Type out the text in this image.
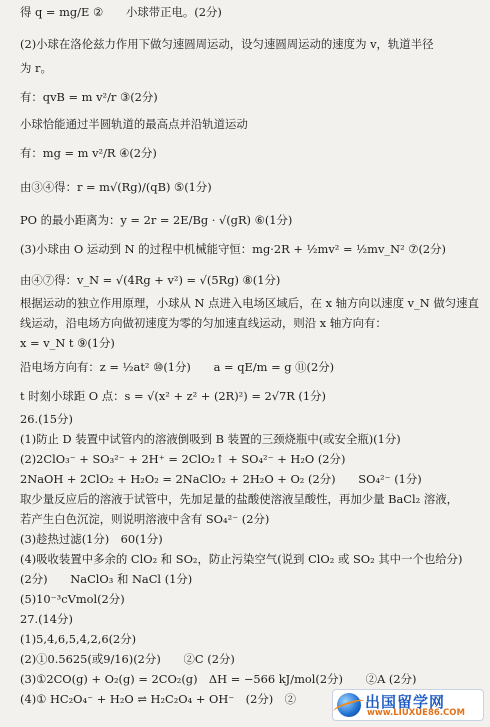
得 q = mg/E ②　　小球带正电。(2分)
(2)小球在洛伦兹力作用下做匀速圆周运动，设匀速圆周运动的速度为 v，轨道半径
为 r。
有：qvB = m v²/r ③(2分)
小球恰能通过半圆轨道的最高点并沿轨道运动
有：mg = m v²/R ④(2分)
由③④得：r = m√(Rg)/(qB) ⑤(1分)
PO 的最小距离为：y = 2r = 2E/Bg · √(gR) ⑥(1分)
(3)小球由 O 运动到 N 的过程中机械能守恒：mg·2R + ½mv² = ½mv_N² ⑦(2分)
由④⑦得：v_N = √(4Rg + v²) = √(5Rg) ⑧(1分)
根据运动的独立作用原理，小球从 N 点进入电场区域后，在 x 轴方向以速度 v_N 做匀速直
线运动，沿电场方向做初速度为零的匀加速直线运动，则沿 x 轴方向有：
x = v_N t ⑨(1分)
沿电场方向有：z = ½at² ⑩(1分)　　a = qE/m = g ⑪(2分)
t 时刻小球距 O 点：s = √(x² + z² + (2R)²) = 2√7R (1分)
26.(15分)
(1)防止 D 装置中试管内的溶液倒吸到 B 装置的三颈烧瓶中(或安全瓶)(1分)
(2)2ClO₃⁻ + SO₃²⁻ + 2H⁺ = 2ClO₂↑ + SO₄²⁻ + H₂O (2分)
2NaOH + 2ClO₂ + H₂O₂ = 2NaClO₂ + 2H₂O + O₂ (2分)　　SO₄²⁻ (1分)
取少量反应后的溶液于试管中，先加足量的盐酸使溶液呈酸性，再加少量 BaCl₂ 溶液，
若产生白色沉淀，则说明溶液中含有 SO₄²⁻ (2分)
(3)趁热过滤(1分)　60(1分)
(4)吸收装置中多余的 ClO₂ 和 SO₂，防止污染空气(说到 ClO₂ 或 SO₂ 其中一个也给分)
(2分)　　NaClO₃ 和 NaCl (1分)
(5)10⁻³cVmol(2分)
27.(14分)
(1)5,4,6,5,4,2,6(2分)
(2)①0.5625(或9/16)(2分)　　②C (2分)
(3)①2CO(g) + O₂(g) = 2CO₂(g)　ΔH = −566 kJ/mol(2分)　　②A (2分)
(4)① HC₂O₄⁻ + H₂O ⇌ H₂C₂O₄ + OH⁻　(2分)　②	出国留学网
www.LIUXUE86.COM
